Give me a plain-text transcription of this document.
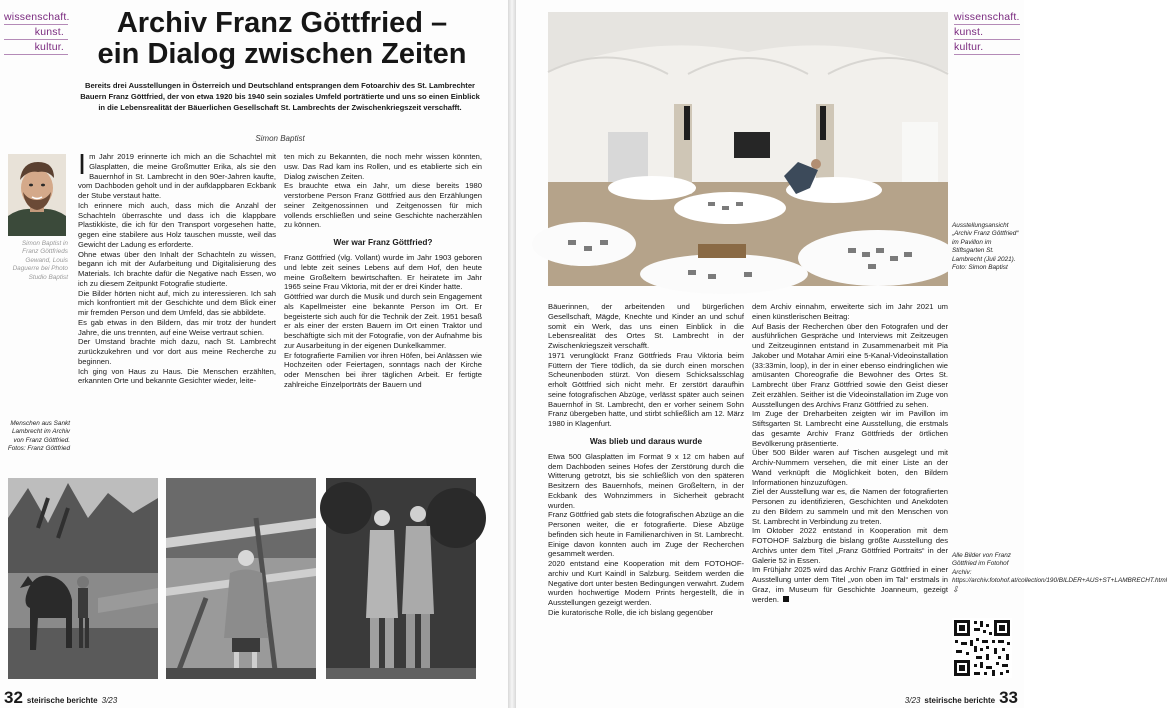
wissenschaft.
kunst.
kultur.
Archiv Franz Göttfried –
ein Dialog zwischen Zeiten
Bereits drei Ausstellungen in Österreich und Deutschland entsprangen dem Fotoarchiv des St. Lambrechter Bauern Franz Göttfried, der von etwa 1920 bis 1940 sein soziales Umfeld porträtierte und uns so einen Einblick in die Lebensrealität der Bäuerlichen Gesellschaft St. Lambrechts der Zwischenkriegszeit verschafft.
Simon Baptist
Simon Baptist in Franz Göttfrieds Gewand, Louis Daguerre bei Photo Studio Baptist
Menschen aus Sankt Lambrecht im Archiv von Franz Göttfried. Fotos: Franz Göttfried

Im Jahr 2019 erinnerte ich mich an die Schachtel mit Glasplatten, die meine Großmutter Erika, als sie den Bauernhof in St. Lambrecht in den 90er-Jahren kaufte, vom Dachboden geholt und in der aufklappbaren Eckbank der Stube verstaut hatte.

Ich erinnere mich auch, dass mich die Anzahl der Schachteln überraschte und dass ich die klappbare Plastikkiste, die ich für den Transport vorgesehen hatte, gegen eine stabilere aus Holz tauschen musste, weil das Gewicht der Ladung es erforderte.

Ohne etwas über den Inhalt der Schachteln zu wissen, begann ich mit der Aufarbeitung und Digitalisierung des Materials. Ich brachte dafür die Negative nach Essen, wo ich zu diesem Zeitpunkt Fotografie studierte.

Die Bilder hörten nicht auf, mich zu interessieren. Ich sah mich konfrontiert mit der Geschichte und dem Blick einer mir fremden Person und dem Umfeld, das sie abbildete.

Es gab etwas in den Bildern, das mir trotz der hundert Jahre, die uns trennten, auf eine Weise vertraut schien.

Der Umstand brachte mich dazu, nach St. Lambrecht zurückzukehren und vor dort aus meine Recherche zu beginnen.

Ich ging von Haus zu Haus. Die Menschen erzählten, erkannten Orte und bekannte Gesichter wieder, leite-

ten mich zu Bekannten, die noch mehr wissen könnten, usw. Das Rad kam ins Rollen, und es etablierte sich ein Dialog zwischen Zeiten.

Es brauchte etwa ein Jahr, um diese bereits 1980 verstorbene Person Franz Göttfried aus den Erzählungen seiner Zeitgenossinnen und Zeitgenossen für mich vollends erschließen und seine Geschichte nacherzählen zu können.

Wer war Franz Göttfried?

Franz Göttfried (vlg. Vollant) wurde im Jahr 1903 geboren und lebte zeit seines Lebens auf dem Hof, den heute meine Großeltern bewirtschaften. Er heiratete im Jahr 1965 seine Frau Viktoria, mit der er drei Kinder hatte.

Göttfried war durch die Musik und durch sein Engagement als Kapellmeister eine bekannte Person im Ort. Er begeisterte sich auch für die Technik der Zeit. 1951 besaß er als einer der ersten Bauern im Ort einen Traktor und beschäftigte sich mit der Fotografie, von der Aufnahme bis zur Ausarbeitung in der eigenen Dunkelkammer.

Er fotografierte Familien vor ihren Höfen, bei Anlässen wie Hochzeiten oder Feiertagen, sonntags nach der Kirche oder Menschen bei ihrer täglichen Arbeit. Er fertigte zahlreiche Einzelporträts der Bauern und

32 steirische berichte 3/23
wissenschaft.
kunst.
kultur.
Ausstellungsansicht „Archiv Franz Göttfried“ im Pavillon im Stiftsgarten St. Lambrecht (Juli 2021). Foto: Simon Baptist

Bäuerinnen, der arbeitenden und bürgerlichen Gesellschaft, Mägde, Knechte und Kinder an und schuf somit ein Werk, das uns einen Einblick in die Lebensrealität des Ortes St. Lambrecht in der Zwischenkriegszeit verschafft.

1971 verunglückt Franz Göttfrieds Frau Viktoria beim Füttern der Tiere tödlich, da sie durch einen morschen Scheunenboden stürzt. Von diesem Schicksalsschlag erholt Göttfried sich nicht mehr. Er zerstört daraufhin seine fotografischen Abzüge, verlässt später auch seinen Bauernhof in St. Lambrecht, den er vorher seinem Sohn Franz übergeben hatte, und stirbt schließlich am 12. März 1980 in Klagenfurt.

Was blieb und daraus wurde

Etwa 500 Glasplatten im Format 9 x 12 cm haben auf dem Dachboden seines Hofes der Zerstörung durch die Witterung getrotzt, bis sie schließlich von den späteren Besitzern des Bauernhofs, meinen Großeltern, in der Eckbank des Wohnzimmers in Sicherheit gebracht wurden.

Franz Göttfried gab stets die fotografischen Abzüge an die Personen weiter, die er fotografierte. Diese Abzüge befinden sich heute in Familienarchiven in St. Lambrecht. Einige davon konnten auch im Zuge der Recherchen gesammelt werden.

2020 entstand eine Kooperation mit dem FOTOHOF-archiv und Kurt Kaindl in Salzburg. Seitdem werden die Negative dort unter besten Bedingungen verwahrt. Zudem wurden hochwertige Modern Prints hergestellt, die in Ausstellungen gezeigt werden.

Die kuratorische Rolle, die ich bislang gegenüber

dem Archiv einnahm, erweiterte sich im Jahr 2021 um einen künstlerischen Beitrag:

Auf Basis der Recherchen über den Fotografen und der ausführlichen Gespräche und Interviews mit Zeitzeugen und Zeitzeuginnen entstand in Zusammenarbeit mit Pia Jakober und Motahar Amiri eine 5-Kanal-Videoinstallation (33:33min, loop), in der in einer ebenso eindringlichen wie amüsanten Choreografie die Bewohner des Ortes St. Lambrecht über Franz Göttfried sowie den Geist dieser Zeit erzählen. Seither ist die Videoinstallation im Zuge von Ausstellungen des Archivs Franz Göttfried zu sehen.

Im Zuge der Dreharbeiten zeigten wir im Pavillon im Stiftsgarten St. Lambrecht eine Ausstellung, die erstmals das gesamte Archiv Franz Göttfrieds der örtlichen Bevölkerung präsentierte.

Über 500 Bilder waren auf Tischen ausgelegt und mit Archiv-Nummern versehen, die mit einer Liste an der Wand verknüpft die Möglichkeit boten, den Bildern Informationen hinzuzufügen.

Ziel der Ausstellung war es, die Namen der fotografierten Personen zu identifizieren, Geschichten und Anekdoten zu den Bildern zu sammeln und mit den Menschen von St. Lambrecht in Verbindung zu treten.

Im Oktober 2022 entstand in Kooperation mit dem FOTOHOF Salzburg die bislang größte Ausstellung des Archivs unter dem Titel „Franz Göttfried Portraits“ in der Galerie 52 in Essen.

Im Frühjahr 2025 wird das Archiv Franz Göttfried in einer Ausstellung unter dem Titel „von oben im Tal“ erstmals in Graz, im Museum für Geschichte Joanneum, gezeigt werden.

Alle Bilder von Franz Göttfried im Fotohof Archiv: https://archiv.fotohof.at/collection/190/BILDER+AUS+ST+LAMBRECHT.html ⇩
3/23 steirische berichte 33
